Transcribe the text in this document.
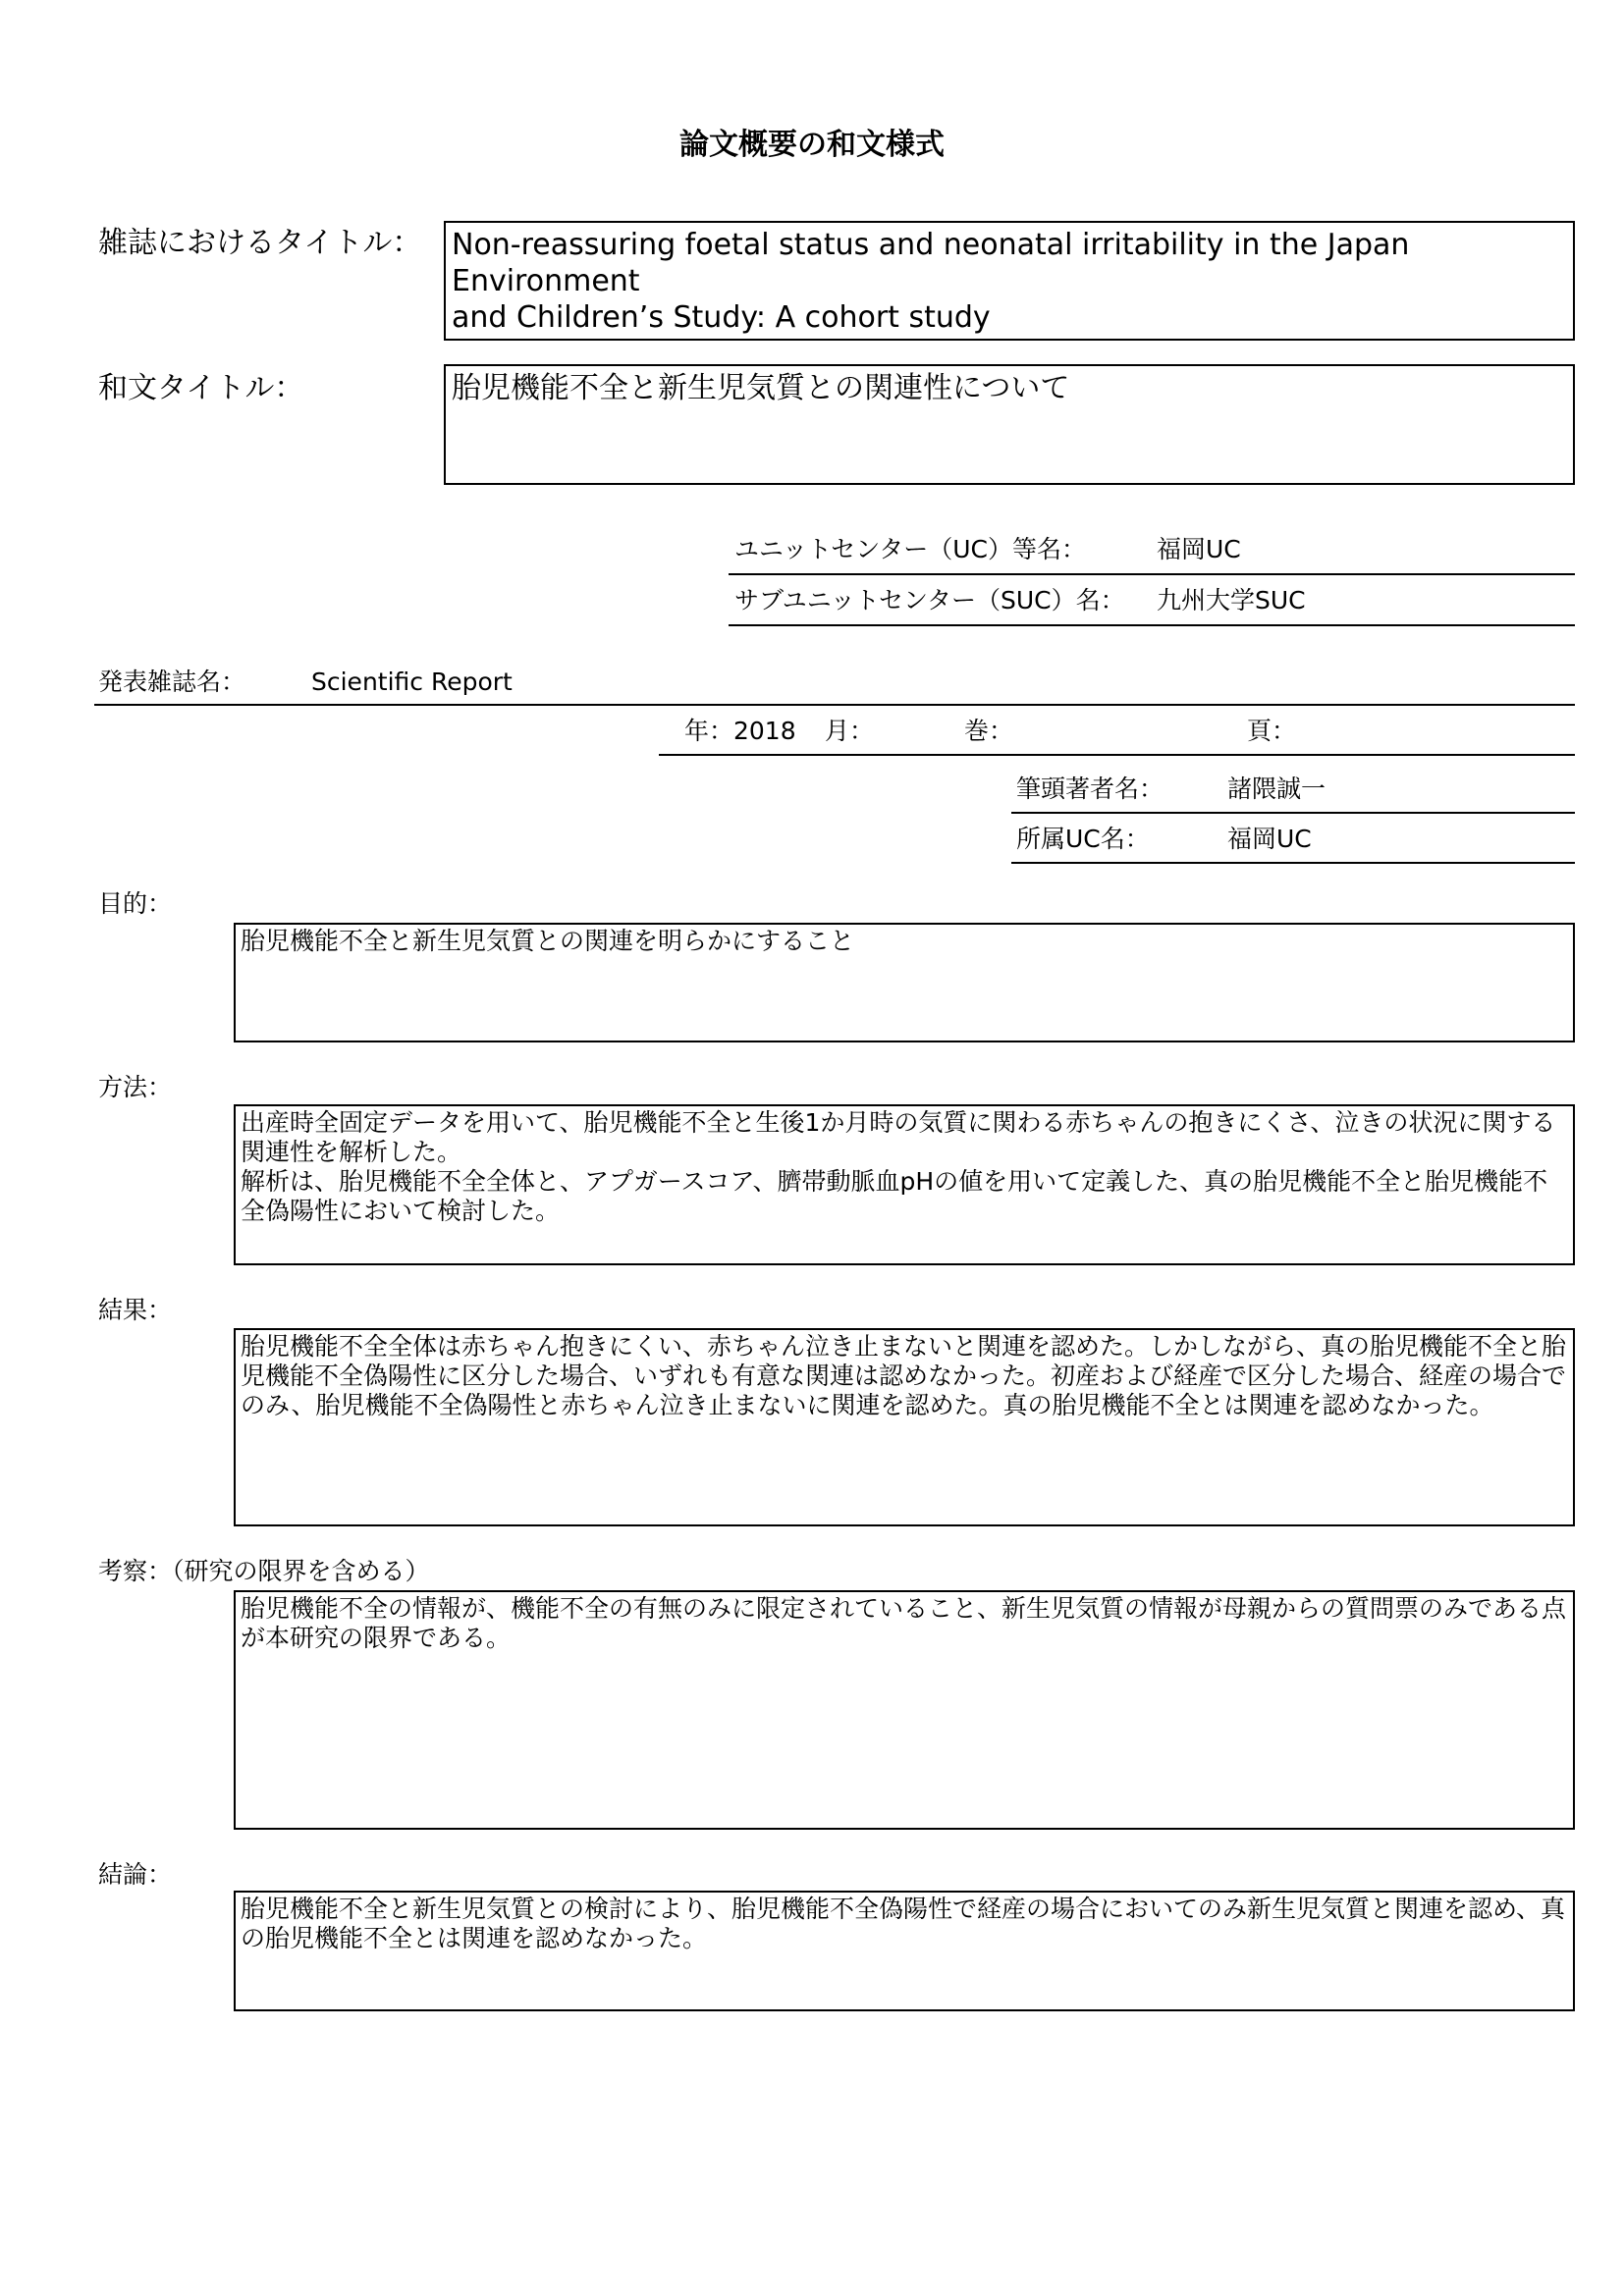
論文概要の和文様式
雑誌におけるタイトル： Non-reassuring foetal status and neonatal irritability in the Japan Environment
and Children’s Study: A cohort study
和文タイトル：	胎児機能不全と新生児気質との関連性について
ユニットセンター（UC）等名：	福岡UC
サブユニットセンター（SUC）名： 九州大学SUC
発表雑誌名：	Scientific Report
年： 2018 月：	巻：	頁：
筆頭著者名：	諸隈誠一
所属UC名：	福岡UC
目的：
胎児機能不全と新生児気質との関連を明らかにすること
方法：
出産時全固定データを用いて、胎児機能不全と生後1か月時の気質に関わる赤ちゃんの抱きにくさ、泣きの状況に関する関連性を解析した。
解析は、胎児機能不全全体と、アプガースコア、臍帯動脈血pHの値を用いて定義した、真の胎児機能不全と胎児機能不全偽陽性において検討した。
結果：
胎児機能不全全体は赤ちゃん抱きにくい、赤ちゃん泣き止まないと関連を認めた。しかしながら、真の胎児機能不全と胎児機能不全偽陽性に区分した場合、いずれも有意な関連は認めなかった。初産および経産で区分した場合、経産の場合でのみ、胎児機能不全偽陽性と赤ちゃん泣き止まないに関連を認めた。真の胎児機能不全とは関連を認めなかった。
考察：（研究の限界を含める）
胎児機能不全の情報が、機能不全の有無のみに限定されていること、新生児気質の情報が母親からの質問票のみである点が本研究の限界である。
結論：
胎児機能不全と新生児気質との検討により、胎児機能不全偽陽性で経産の場合においてのみ新生児気質と関連を認め、真の胎児機能不全とは関連を認めなかった。
